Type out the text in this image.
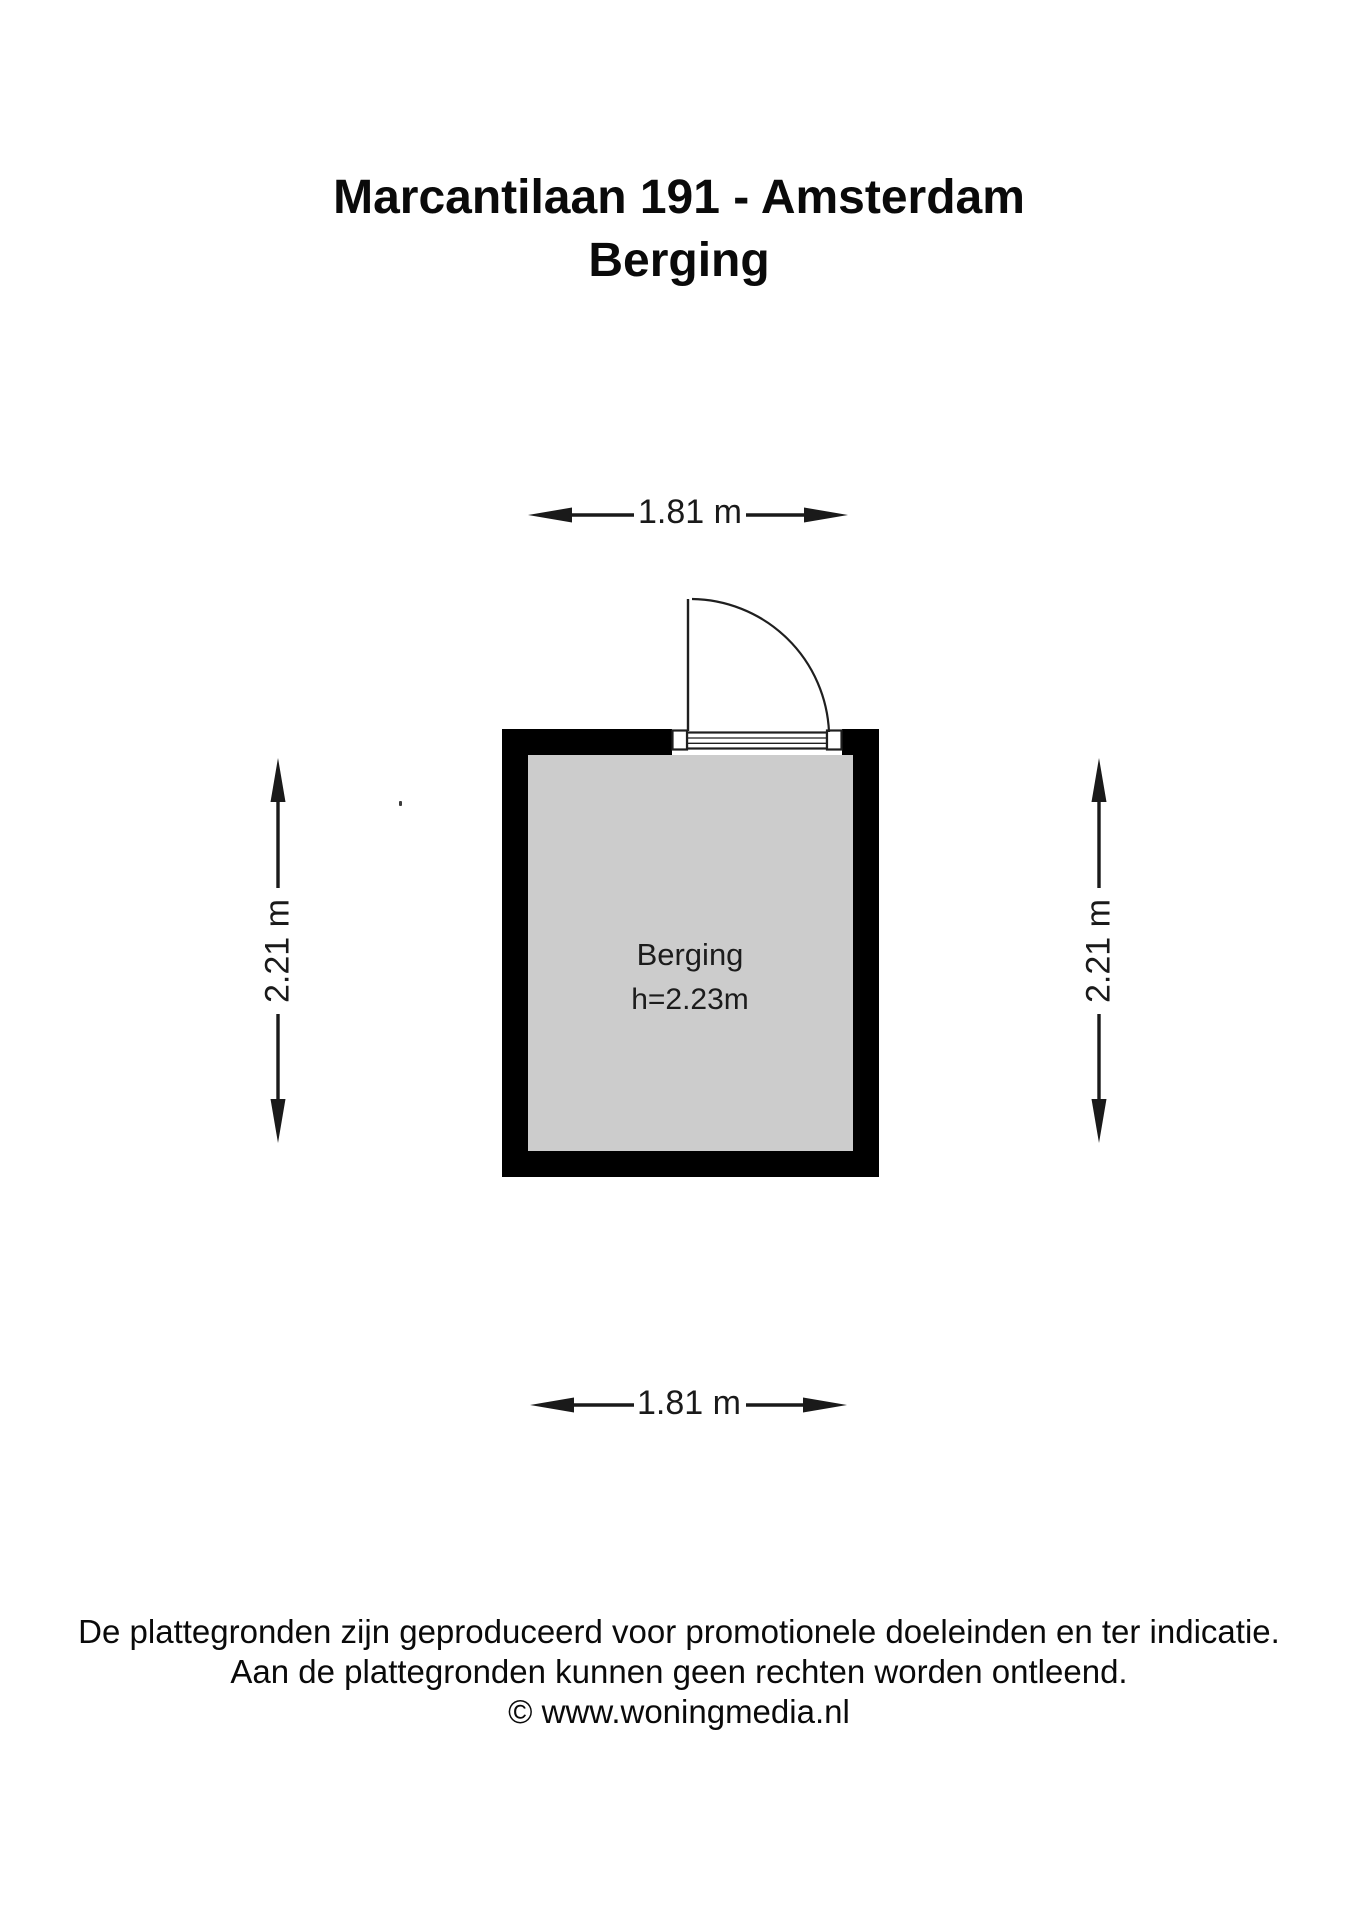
Marcantilaan 191 - Amsterdam
Berging
1.81 m
1.81 m
2.21 m	2.21 m
Berging
h=2.23m
De plattegronden zijn geproduceerd voor promotionele doeleinden en ter indicatie.
Aan de plattegronden kunnen geen rechten worden ontleend.
© www.woningmedia.nl
